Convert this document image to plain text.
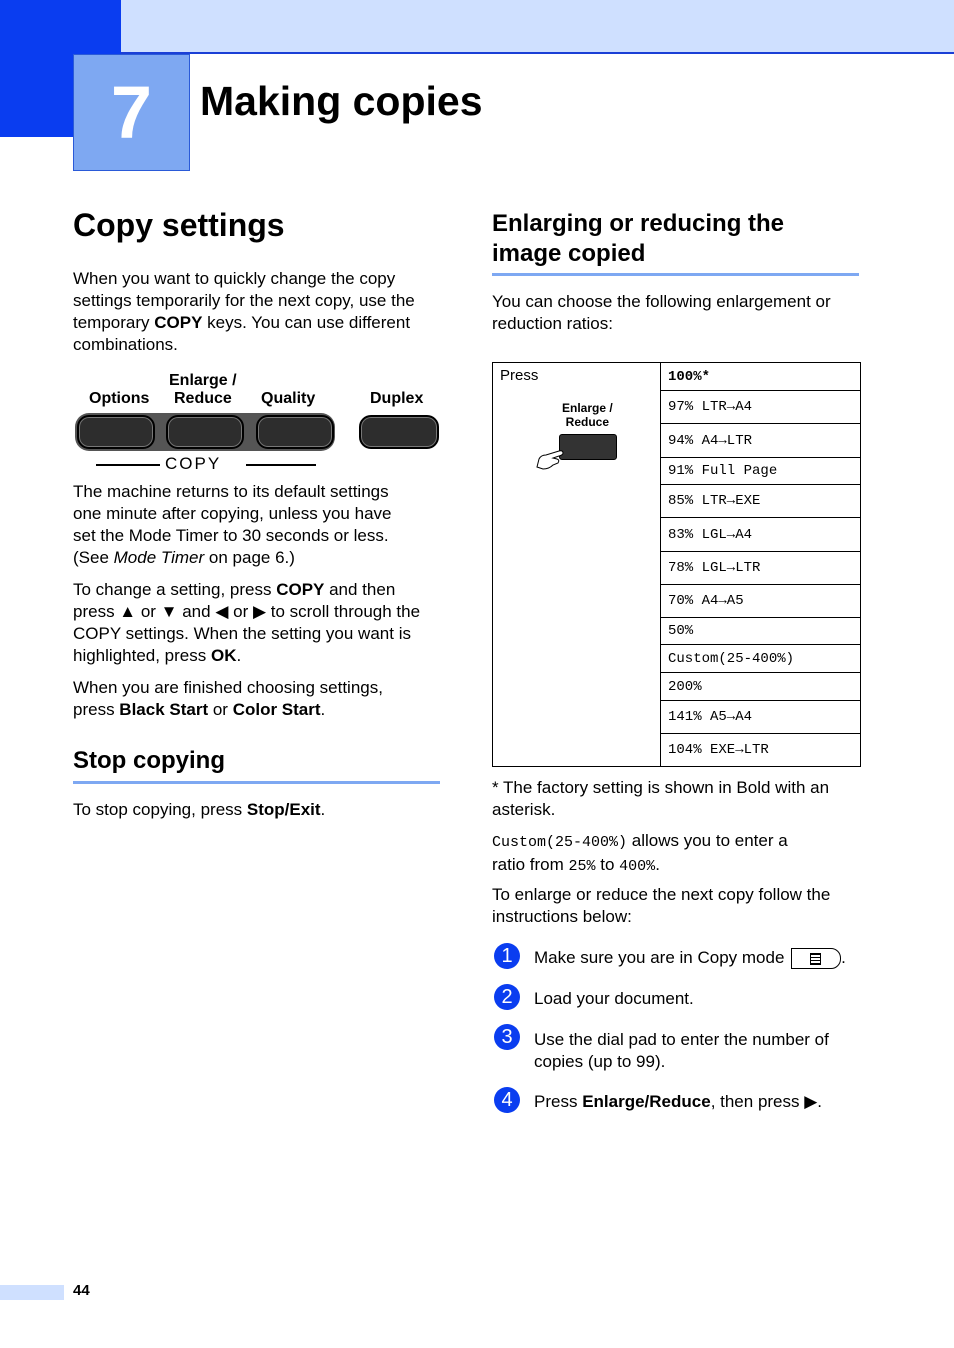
7	Making copies
Copy settings

When you want to quickly change the copy
settings temporarily for the next copy, use the
temporary COPY keys. You can use different
combinations.

Options
Enlarge /
Reduce Quality	Duplex
COPY

The machine returns to its default settings
one minute after copying, unless you have
set the Mode Timer to 30 seconds or less.
(See Mode Timer on page 6.)

To change a setting, press COPY and then
press ▲ or ▼ and ◀ or ▶ to scroll through the
COPY settings. When the setting you want is
highlighted, press OK.

When you are finished choosing settings,
press Black Start or Color Start.

Stop copying

To stop copying, press Stop/Exit.

Enlarging or reducing the
image copied

You can choose the following enlargement or
reduction ratios:

Press
Enlarge /
Reduce
	100%*
97% LTR→A4
94% A4→LTR
91% Full Page
85% LTR→EXE
83% LGL→A4
78% LGL→LTR
70% A4→A5
50%
Custom(25-400%)
200%
141% A5→A4
104% EXE→LTR

* The factory setting is shown in Bold with an
asterisk.

Custom(25-400%) allows you to enter a
ratio from 25% to 400%.

To enlarge or reduce the next copy follow the
instructions below:

1	Make sure you are in Copy mode	.

2	Load your document.

3	Use the dial pad to enter the number of
copies (up to 99).

4	Press Enlarge/Reduce, then press ▶.

44
